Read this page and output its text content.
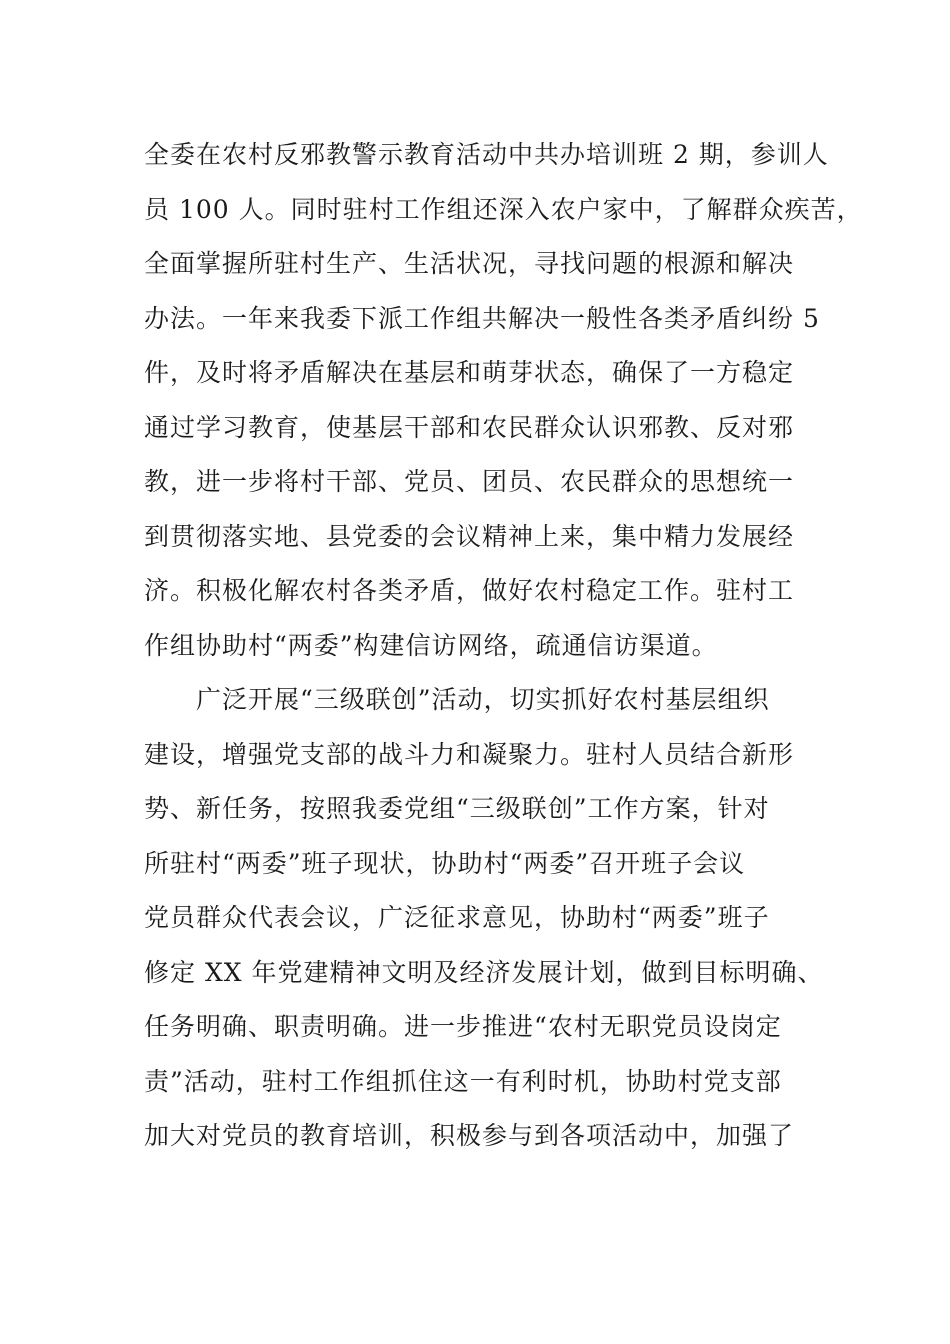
全委在农村反邪教警示教育活动中共办培训班 2 期，参训人
员 100 人。同时驻村工作组还深入农户家中，了解群众疾苦，
全面掌握所驻村生产、生活状况，寻找问题的根源和解决
办法。一年来我委下派工作组共解决一般性各类矛盾纠纷 5
件，及时将矛盾解决在基层和萌芽状态，确保了一方稳定
通过学习教育，使基层干部和农民群众认识邪教、反对邪
教，进一步将村干部、党员、团员、农民群众的思想统一
到贯彻落实地、县党委的会议精神上来，集中精力发展经
济。积极化解农村各类矛盾，做好农村稳定工作。驻村工
作组协助村“两委”构建信访网络，疏通信访渠道。
　　广泛开展“三级联创”活动，切实抓好农村基层组织
建设，增强党支部的战斗力和凝聚力。驻村人员结合新形
势、新任务，按照我委党组“三级联创”工作方案，针对
所驻村“两委”班子现状，协助村“两委”召开班子会议
党员群众代表会议，广泛征求意见，协助村“两委”班子
修定 XX 年党建精神文明及经济发展计划，做到目标明确、
任务明确、职责明确。进一步推进“农村无职党员设岗定
责”活动，驻村工作组抓住这一有利时机，协助村党支部
加大对党员的教育培训，积极参与到各项活动中，加强了
